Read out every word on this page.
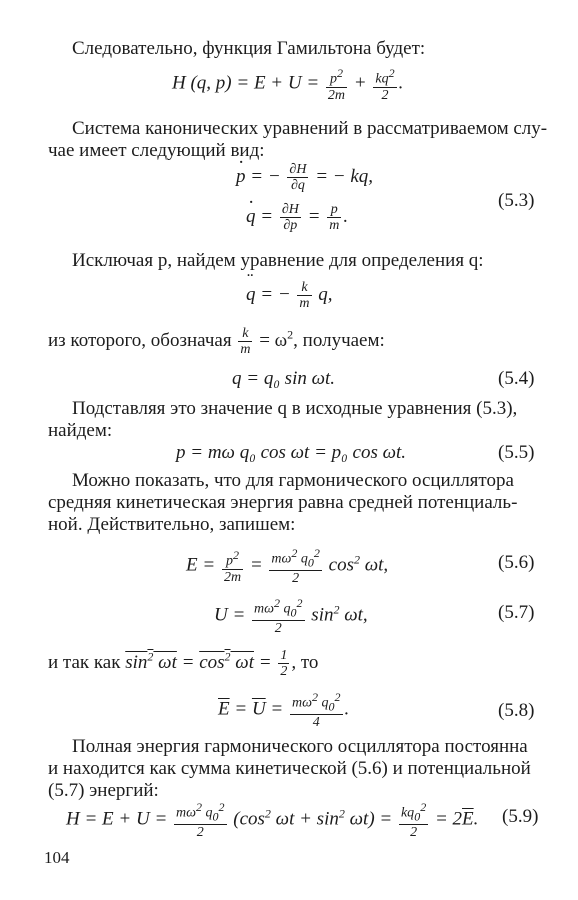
Следовательно, функция Гамильтона будет:
H (q, $p) = E + U = \frac{p^2}{2m} + \frac{kq^2}{2}$ .
Система канонических уравнений в рассматриваемом слу-
чае имеет следующий вид:
· p = − $\frac{\partial H}{\partial q}$ = − kq,
· $q = \frac{\partial H}{\partial p} = \frac{p}{m}$ .
(5.3)
Исключая p, найдем уравнение для определения q:
¨ q = − $\frac{k}{m} q$,
из которого, обозначая $\frac{k}{m} = \omega^2$, получаем:
q = q₀ sin ωt.	(5.4)
Подставляя это значение q в исходные уравнения (5.3),
найдем:
p = mω q₀ cos ωt = p₀ cos ωt.	(5.5)
Можно показать, что для гармонического осциллятора
средняя кинетическая энергия равна средней потенциаль-
ной. Действительно, запишем:
$E = \frac{p^2}{2m} = \frac{m\omega^2 q_0^2}{2} \cos^2 \omega t$,	(5.6)
$U = \frac{m\omega^2 q_0^2}{2} \sin^2 \omega t$,	(5.7)
и так как $\sin^2 \omega t = \cos^2 \omega t = \frac{1}{2}$ , то
$\overline{E} = \overline{U} = \frac{m\omega^2 q_0^2}{4}$ .	(5.8)
Полная энергия гармонического осциллятора постоянна
и находится как сумма кинетической (5.6) и потенциальной
(5.7) энергий:
$H = E + U = \frac{m\omega^2 q_0^2}{2} (\cos^2$ $\omega t + \sin^2 \omega t) = \frac{kq_0^2}{2} = 2\overline{E}$. (5.9)
104
